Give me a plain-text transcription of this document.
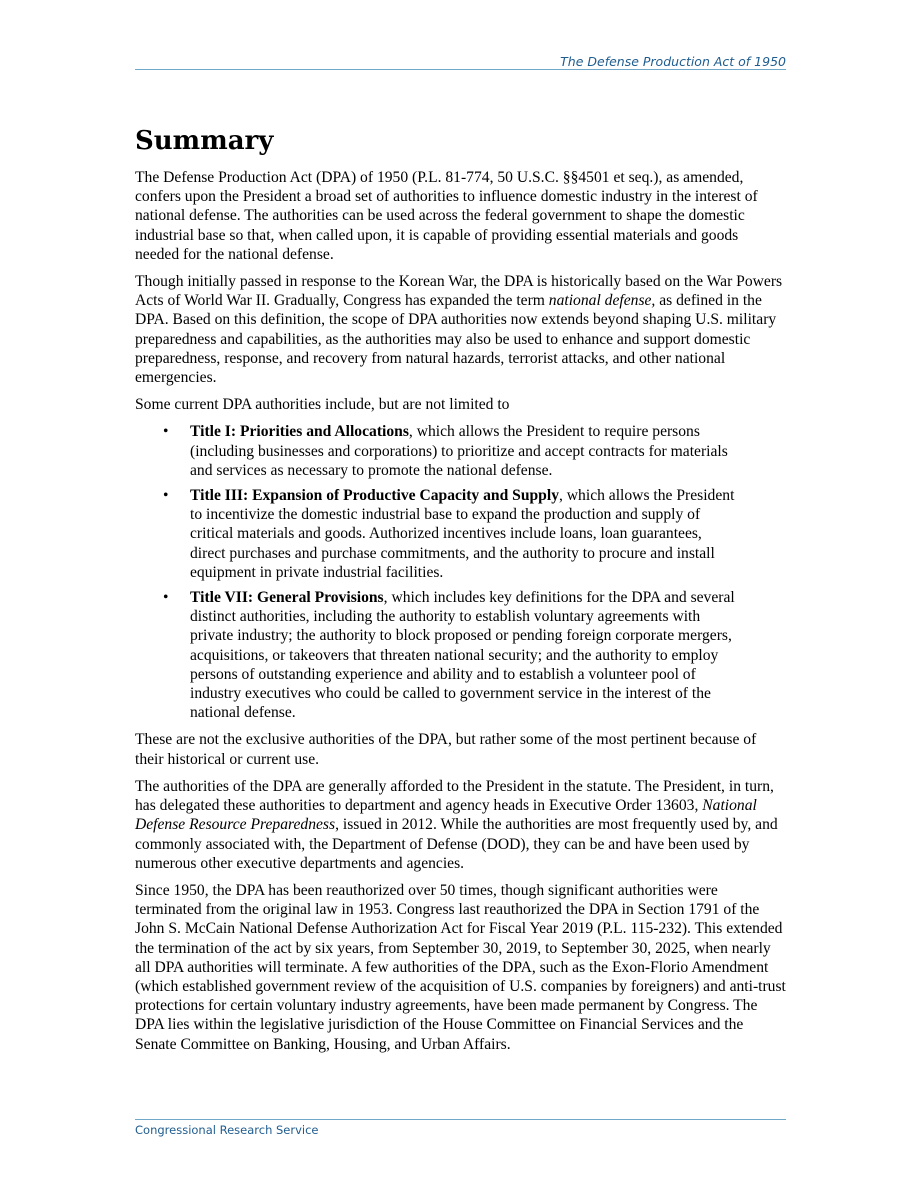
The Defense Production Act of 1950
Summary

The Defense Production Act (DPA) of 1950 (P.L. 81-774, 50 U.S.C. §§4501 et seq.), as amended, confers upon the President a broad set of authorities to influence domestic industry in the interest of national defense. The authorities can be used across the federal government to shape the domestic industrial base so that, when called upon, it is capable of providing essential materials and goods needed for the national defense.

Though initially passed in response to the Korean War, the DPA is historically based on the War Powers Acts of World War II. Gradually, Congress has expanded the term national defense, as defined in the DPA. Based on this definition, the scope of DPA authorities now extends beyond shaping U.S. military preparedness and capabilities, as the authorities may also be used to enhance and support domestic preparedness, response, and recovery from natural hazards, terrorist attacks, and other national emergencies.

Some current DPA authorities include, but are not limited to

• Title I: Priorities and Allocations, which allows the President to require persons (including businesses and corporations) to prioritize and accept contracts for materials and services as necessary to promote the national defense.
• Title III: Expansion of Productive Capacity and Supply, which allows the President to incentivize the domestic industrial base to expand the production and supply of critical materials and goods. Authorized incentives include loans, loan guarantees, direct purchases and purchase commitments, and the authority to procure and install equipment in private industrial facilities.
• Title VII: General Provisions, which includes key definitions for the DPA and several distinct authorities, including the authority to establish voluntary agreements with private industry; the authority to block proposed or pending foreign corporate mergers, acquisitions, or takeovers that threaten national security; and the authority to employ persons of outstanding experience and ability and to establish a volunteer pool of industry executives who could be called to government service in the interest of the national defense.

These are not the exclusive authorities of the DPA, but rather some of the most pertinent because of their historical or current use.

The authorities of the DPA are generally afforded to the President in the statute. The President, in turn, has delegated these authorities to department and agency heads in Executive Order 13603, National Defense Resource Preparedness, issued in 2012. While the authorities are most frequently used by, and commonly associated with, the Department of Defense (DOD), they can be and have been used by numerous other executive departments and agencies.

Since 1950, the DPA has been reauthorized over 50 times, though significant authorities were terminated from the original law in 1953. Congress last reauthorized the DPA in Section 1791 of the John S. McCain National Defense Authorization Act for Fiscal Year 2019 (P.L. 115-232). This extended the termination of the act by six years, from September 30, 2019, to September 30, 2025, when nearly all DPA authorities will terminate. A few authorities of the DPA, such as the Exon-Florio Amendment (which established government review of the acquisition of U.S. companies by foreigners) and anti-trust protections for certain voluntary industry agreements, have been made permanent by Congress. The DPA lies within the legislative jurisdiction of the House Committee on Financial Services and the Senate Committee on Banking, Housing, and Urban Affairs.

Congressional Research Service
